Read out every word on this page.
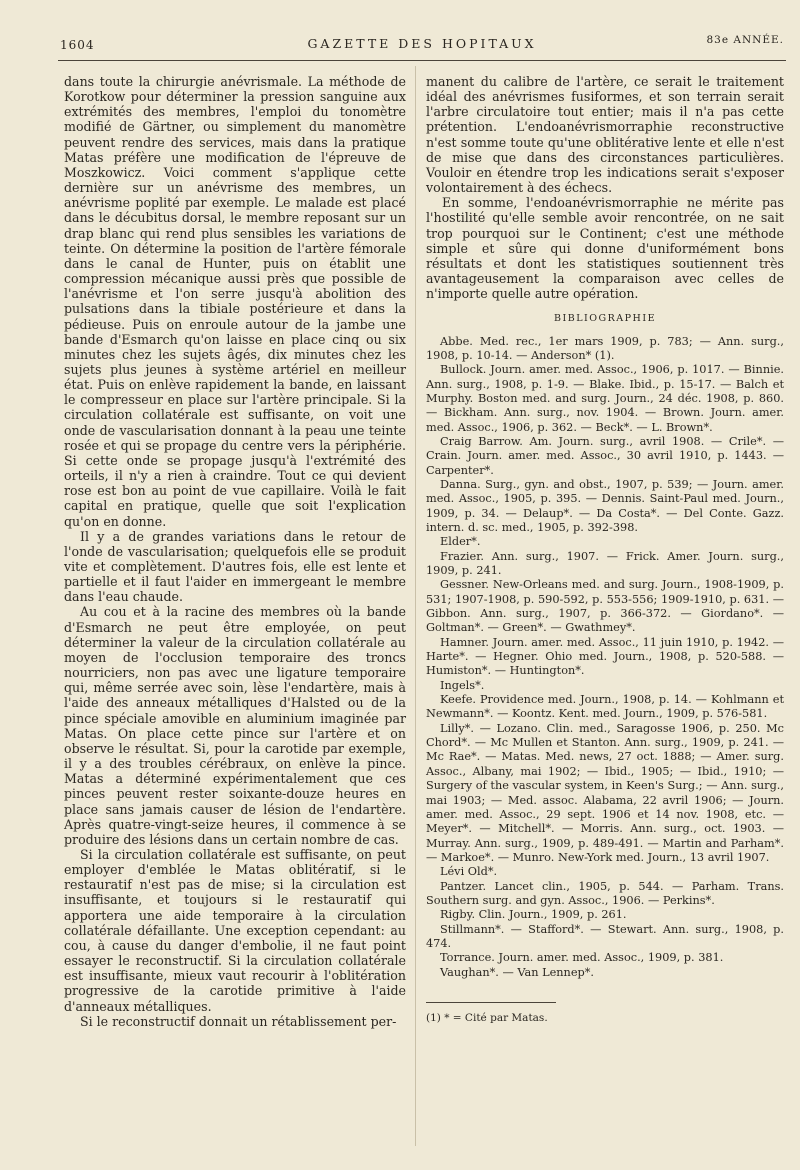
1604	GAZETTE DES HOPITAUX	83e ANNÉE.

dans toute la chirurgie anévrismale. La méthode de Korotkow pour déterminer la pression sanguine aux extrémités des membres, l'emploi du tonomètre modifié de Gärtner, ou simplement du manomètre peuvent rendre des services, mais dans la pratique Matas préfère une modification de l'épreuve de Moszkowicz. Voici comment s'applique cette dernière sur un anévrisme des membres, un anévrisme poplité par exemple. Le malade est placé dans le décubitus dorsal, le membre reposant sur un drap blanc qui rend plus sensibles les variations de teinte. On détermine la position de l'artère fémorale dans le canal de Hunter, puis on établit une compression mécanique aussi près que possible de l'anévrisme et l'on serre jusqu'à abolition des pulsations dans la tibiale postérieure et dans la pédieuse. Puis on enroule autour de la jambe une bande d'Esmarch qu'on laisse en place cinq ou six minutes chez les sujets âgés, dix minutes chez les sujets plus jeunes à système artériel en meilleur état. Puis on enlève rapidement la bande, en laissant le compresseur en place sur l'artère principale. Si la circulation collatérale est suffisante, on voit une onde de vascularisation donnant à la peau une teinte rosée et qui se propage du centre vers la périphérie. Si cette onde se propage jusqu'à l'extrémité des orteils, il n'y a rien à craindre. Tout ce qui devient rose est bon au point de vue capillaire. Voilà le fait capital en pratique, quelle que soit l'explication qu'on en donne.

Il y a de grandes variations dans le retour de l'onde de vascularisation; quelquefois elle se produit vite et complètement. D'autres fois, elle est lente et partielle et il faut l'aider en immergeant le membre dans l'eau chaude.

Au cou et à la racine des membres où la bande d'Esmarch ne peut être employée, on peut déterminer la valeur de la circulation collatérale au moyen de l'occlusion temporaire des troncs nourriciers, non pas avec une ligature temporaire qui, même serrée avec soin, lèse l'endartère, mais à l'aide des anneaux métalliques d'Halsted ou de la pince spéciale amovible en aluminium imaginée par Matas. On place cette pince sur l'artère et on observe le résultat. Si, pour la carotide par exemple, il y a des troubles cérébraux, on enlève la pince. Matas a déterminé expérimentalement que ces pinces peuvent rester soixante-douze heures en place sans jamais causer de lésion de l'endartère. Après quatre-vingt-seize heures, il commence à se produire des lésions dans un certain nombre de cas.

Si la circulation collatérale est suffisante, on peut employer d'emblée le Matas oblitératif, si le restauratif n'est pas de mise; si la circulation est insuffisante, et toujours si le restauratif qui apportera une aide temporaire à la circulation collatérale défaillante. Une exception cependant: au cou, à cause du danger d'embolie, il ne faut point essayer le reconstructif. Si la circulation collatérale est insuffisante, mieux vaut recourir à l'oblitération progressive de la carotide primitive à l'aide d'anneaux métalliques.

Si le reconstructif donnait un rétablissement per-

manent du calibre de l'artère, ce serait le traitement idéal des anévrismes fusiformes, et son terrain serait l'arbre circulatoire tout entier; mais il n'a pas cette prétention. L'endoanévrismorraphie reconstructive n'est somme toute qu'une oblitérative lente et elle n'est de mise que dans des circonstances particulières. Vouloir en étendre trop les indications serait s'exposer volontairement à des échecs.

En somme, l'endoanévrismorraphie ne mérite pas l'hostilité qu'elle semble avoir rencontrée, on ne sait trop pourquoi sur le Continent; c'est une méthode simple et sûre qui donne d'uniformément bons résultats et dont les statistiques soutiennent très avantageusement la comparaison avec celles de n'importe quelle autre opération.

BIBLIOGRAPHIE

Abbe. Med. rec., 1er mars 1909, p. 783; — Ann. surg., 1908, p. 10-14. — Anderson* (1).

Bullock. Journ. amer. med. Assoc., 1906, p. 1017. — Binnie. Ann. surg., 1908, p. 1-9. — Blake. Ibid., p. 15-17. — Balch et Murphy. Boston med. and surg. Journ., 24 déc. 1908, p. 860. — Bickham. Ann. surg., nov. 1904. — Brown. Journ. amer. med. Assoc., 1906, p. 362. — Beck*. — L. Brown*.

Craig Barrow. Am. Journ. surg., avril 1908. — Crile*. — Crain. Journ. amer. med. Assoc., 30 avril 1910, p. 1443. — Carpenter*.

Danna. Surg., gyn. and obst., 1907, p. 539; — Journ. amer. med. Assoc., 1905, p. 395. — Dennis. Saint-Paul med. Journ., 1909, p. 34. — Delaup*. — Da Costa*. — Del Conte. Gazz. intern. d. sc. med., 1905, p. 392-398.

Elder*.

Frazier. Ann. surg., 1907. — Frick. Amer. Journ. surg., 1909, p. 241.

Gessner. New-Orleans med. and surg. Journ., 1908-1909, p. 531; 1907-1908, p. 590-592, p. 553-556; 1909-1910, p. 631. — Gibbon. Ann. surg., 1907, p. 366-372. — Giordano*. — Goltman*. — Green*. — Gwathmey*.

Hamner. Journ. amer. med. Assoc., 11 juin 1910, p. 1942. — Harte*. — Hegner. Ohio med. Journ., 1908, p. 520-588. — Humiston*. — Huntington*.

Ingels*.

Keefe. Providence med. Journ., 1908, p. 14. — Kohlmann et Newmann*. — Koontz. Kent. med. Journ., 1909, p. 576-581.

Lilly*. — Lozano. Clin. med., Saragosse 1906, p. 250. Mc Chord*. — Mc Mullen et Stanton. Ann. surg., 1909, p. 241. — Mc Rae*. — Matas. Med. news, 27 oct. 1888; — Amer. surg. Assoc., Albany, mai 1902; — Ibid., 1905; — Ibid., 1910; — Surgery of the vascular system, in Keen's Surg.; — Ann. surg., mai 1903; — Med. assoc. Alabama, 22 avril 1906; — Journ. amer. med. Assoc., 29 sept. 1906 et 14 nov. 1908, etc. — Meyer*. — Mitchell*. — Morris. Ann. surg., oct. 1903. — Murray. Ann. surg., 1909, p. 489-491. — Martin and Parham*. — Markoe*. — Munro. New-York med. Journ., 13 avril 1907.

Lévi Old*.

Pantzer. Lancet clin., 1905, p. 544. — Parham. Trans. Southern surg. and gyn. Assoc., 1906. — Perkins*.

Rigby. Clin. Journ., 1909, p. 261.

Stillmann*. — Stafford*. — Stewart. Ann. surg., 1908, p. 474.

Torrance. Journ. amer. med. Assoc., 1909, p. 381.

Vaughan*. — Van Lennep*.

(1) * = Cité par Matas.
